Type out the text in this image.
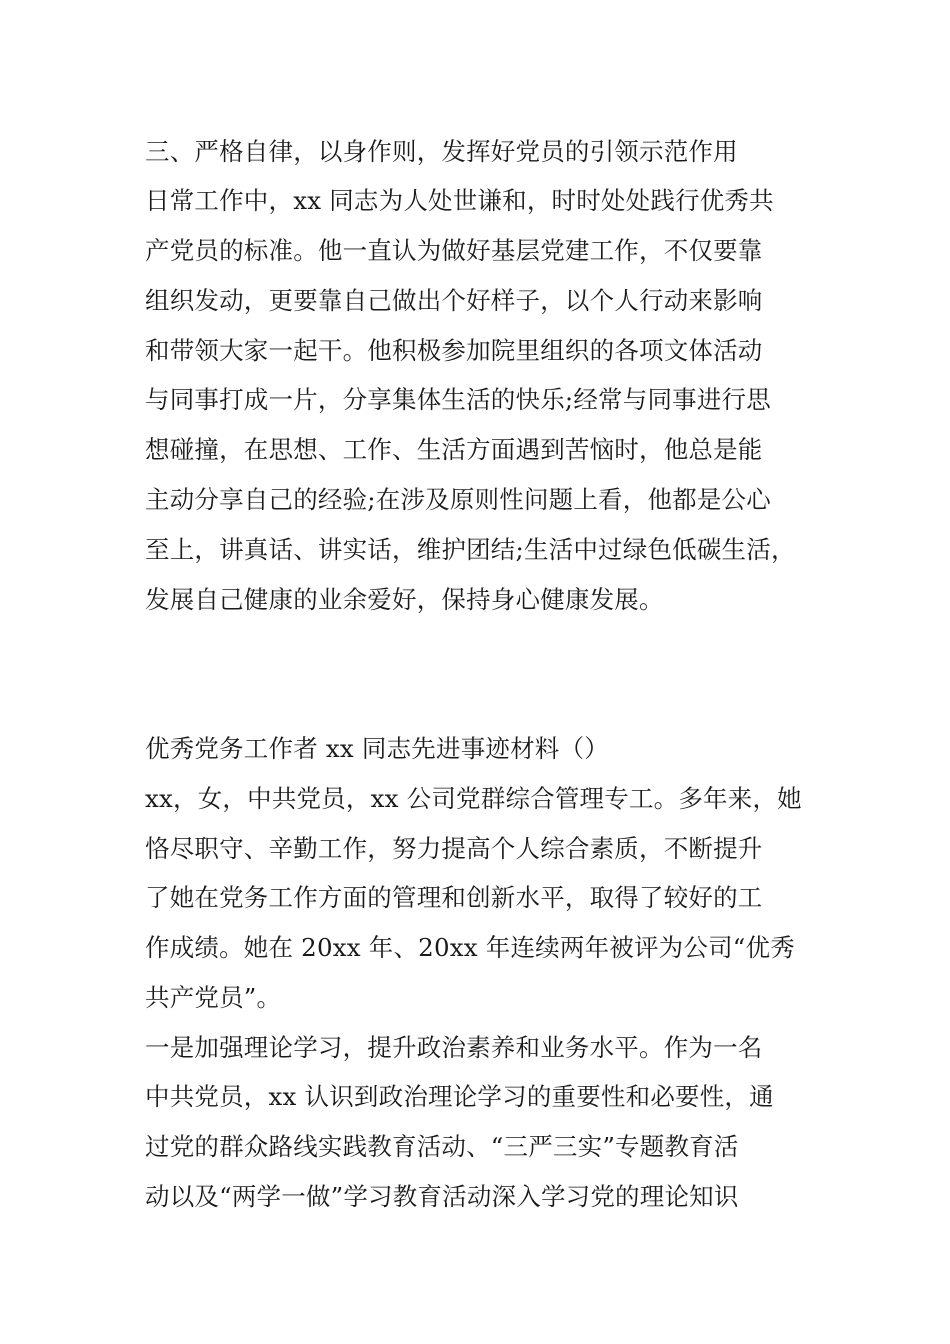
三、严格自律，以身作则，发挥好党员的引领示范作用
日常工作中，xx 同志为人处世谦和，时时处处践行优秀共
产党员的标准。他一直认为做好基层党建工作，不仅要靠
组织发动，更要靠自己做出个好样子，以个人行动来影响
和带领大家一起干。他积极参加院里组织的各项文体活动
与同事打成一片，分享集体生活的快乐;经常与同事进行思
想碰撞，在思想、工作、生活方面遇到苦恼时，他总是能
主动分享自己的经验;在涉及原则性问题上看，他都是公心
至上，讲真话、讲实话，维护团结;生活中过绿色低碳生活，
发展自己健康的业余爱好，保持身心健康发展。
优秀党务工作者 xx 同志先进事迹材料（）
xx，女，中共党员，xx 公司党群综合管理专工。多年来，她
恪尽职守、辛勤工作，努力提高个人综合素质，不断提升
了她在党务工作方面的管理和创新水平，取得了较好的工
作成绩。她在 20xx 年、20xx 年连续两年被评为公司“优秀
共产党员”。
一是加强理论学习，提升政治素养和业务水平。作为一名
中共党员，xx 认识到政治理论学习的重要性和必要性，通
过党的群众路线实践教育活动、“三严三实”专题教育活
动以及“两学一做”学习教育活动深入学习党的理论知识
